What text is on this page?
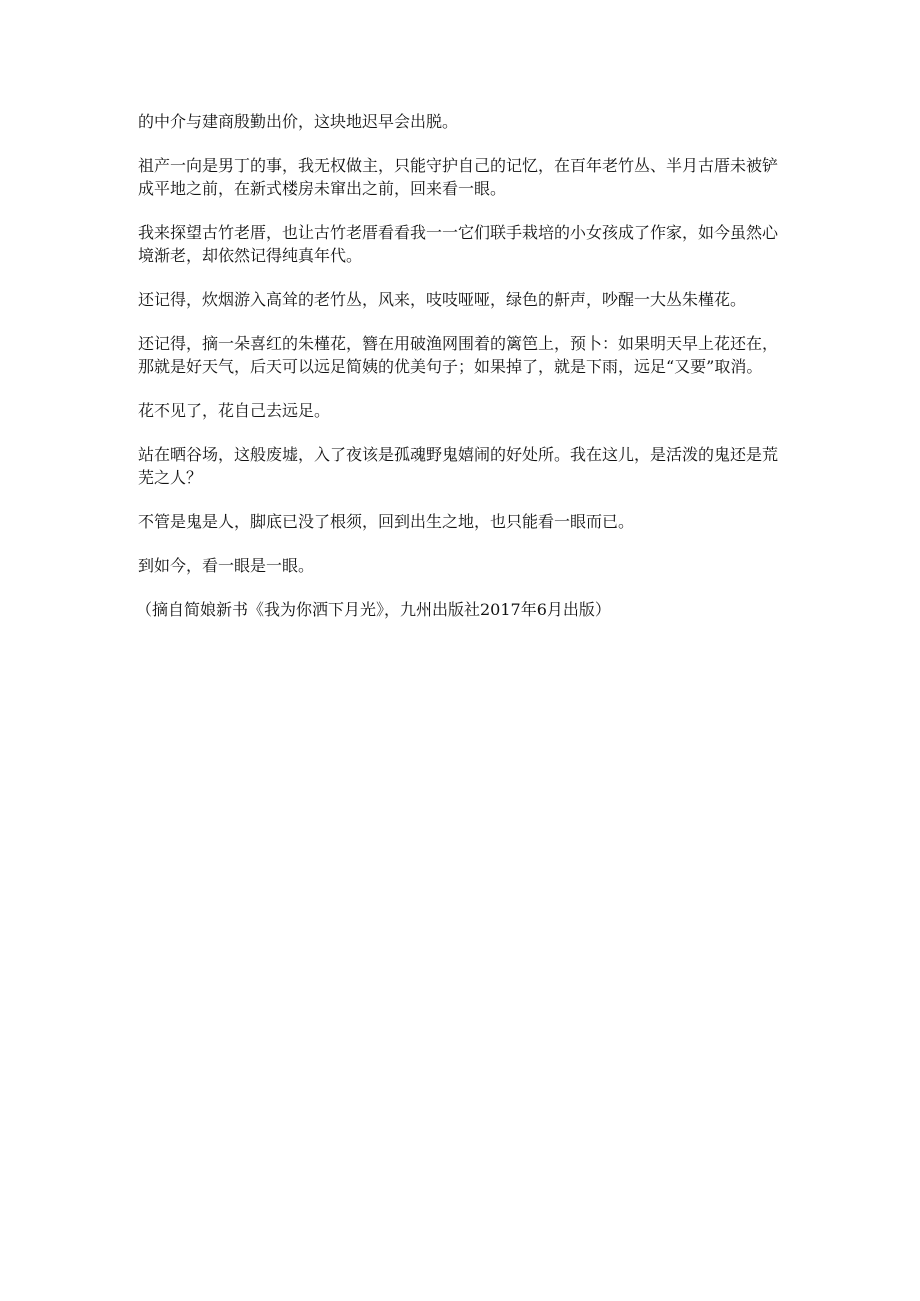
的中介与建商殷勤出价，这块地迟早会出脱。

祖产一向是男丁的事，我无权做主，只能守护自己的记忆，在百年老竹丛、半月古厝未被铲成平地之前，在新式楼房未窜出之前，回来看一眼。

我来探望古竹老厝，也让古竹老厝看看我一一它们联手栽培的小女孩成了作家，如今虽然心境渐老，却依然记得纯真年代。

还记得，炊烟游入高耸的老竹丛，风来，吱吱哑哑，绿色的鼾声，吵醒一大丛朱槿花。

还记得，摘一朵喜红的朱槿花，簪在用破渔网围着的篱笆上，预卜：如果明天早上花还在，那就是好天气，后天可以远足简姨的优美句子；如果掉了，就是下雨，远足“又要”取消。

花不见了，花自己去远足。

站在晒谷场，这般废墟，入了夜该是孤魂野鬼嬉闹的好处所。我在这儿，是活泼的鬼还是荒芜之人？

不管是鬼是人，脚底已没了根须，回到出生之地，也只能看一眼而已。

到如今，看一眼是一眼。

（摘自简娘新书《我为你洒下月光》，九州出版社2017年6月出版）
